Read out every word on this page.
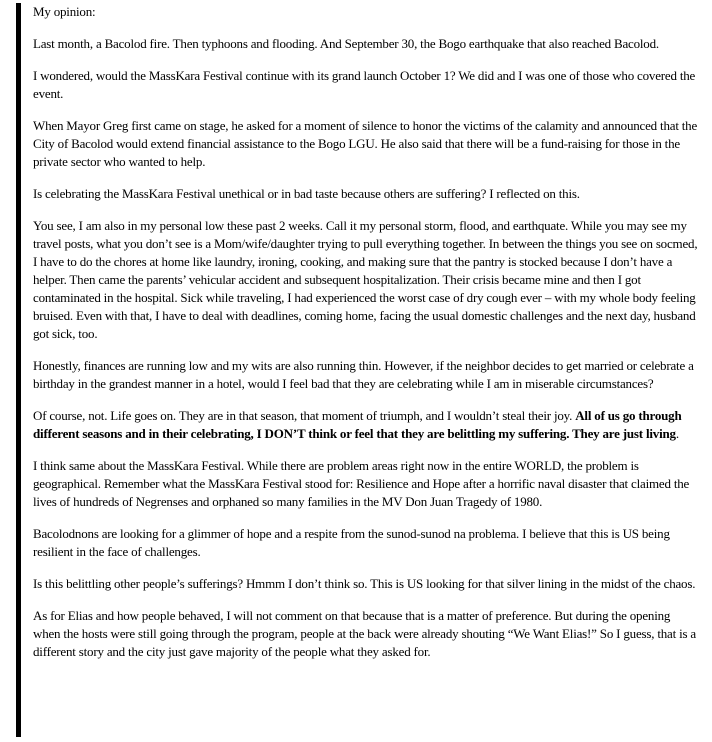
My opinion:

Last month, a Bacolod fire. Then typhoons and flooding. And September 30, the Bogo earthquake that also reached Bacolod.

I wondered, would the MassKara Festival continue with its grand launch October 1? We did and I was one of those who covered the event.

When Mayor Greg first came on stage, he asked for a moment of silence to honor the victims of the calamity and announced that the City of Bacolod would extend financial assistance to the Bogo LGU. He also said that there will be a fund-raising for those in the private sector who wanted to help.

Is celebrating the MassKara Festival unethical or in bad taste because others are suffering? I reflected on this.

You see, I am also in my personal low these past 2 weeks. Call it my personal storm, flood, and earthquate. While you may see my travel posts, what you don’t see is a Mom/wife/daughter trying to pull everything together. In between the things you see on socmed, I have to do the chores at home like laundry, ironing, cooking, and making sure that the pantry is stocked because I don’t have a helper. Then came the parents’ vehicular accident and subsequent hospitalization. Their crisis became mine and then I got contaminated in the hospital. Sick while traveling, I had experienced the worst case of dry cough ever – with my whole body feeling bruised. Even with that, I have to deal with deadlines, coming home, facing the usual domestic challenges and the next day, husband got sick, too.

Honestly, finances are running low and my wits are also running thin. However, if the neighbor decides to get married or celebrate a birthday in the grandest manner in a hotel, would I feel bad that they are celebrating while I am in miserable circumstances?

Of course, not. Life goes on. They are in that season, that moment of triumph, and I wouldn’t steal their joy. All of us go through different seasons and in their celebrating, I DON’T think or feel that they are belittling my suffering. They are just living.

I think same about the MassKara Festival. While there are problem areas right now in the entire WORLD, the problem is geographical. Remember what the MassKara Festival stood for: Resilience and Hope after a horrific naval disaster that claimed the lives of hundreds of Negrenses and orphaned so many families in the MV Don Juan Tragedy of 1980.

Bacolodnons are looking for a glimmer of hope and a respite from the sunod-sunod na problema. I believe that this is US being resilient in the face of challenges.

Is this belittling other people’s sufferings? Hmmm I don’t think so. This is US looking for that silver lining in the midst of the chaos.

As for Elias and how people behaved, I will not comment on that because that is a matter of preference. But during the opening when the hosts were still going through the program, people at the back were already shouting “We Want Elias!” So I guess, that is a different story and the city just gave majority of the people what they asked for.
